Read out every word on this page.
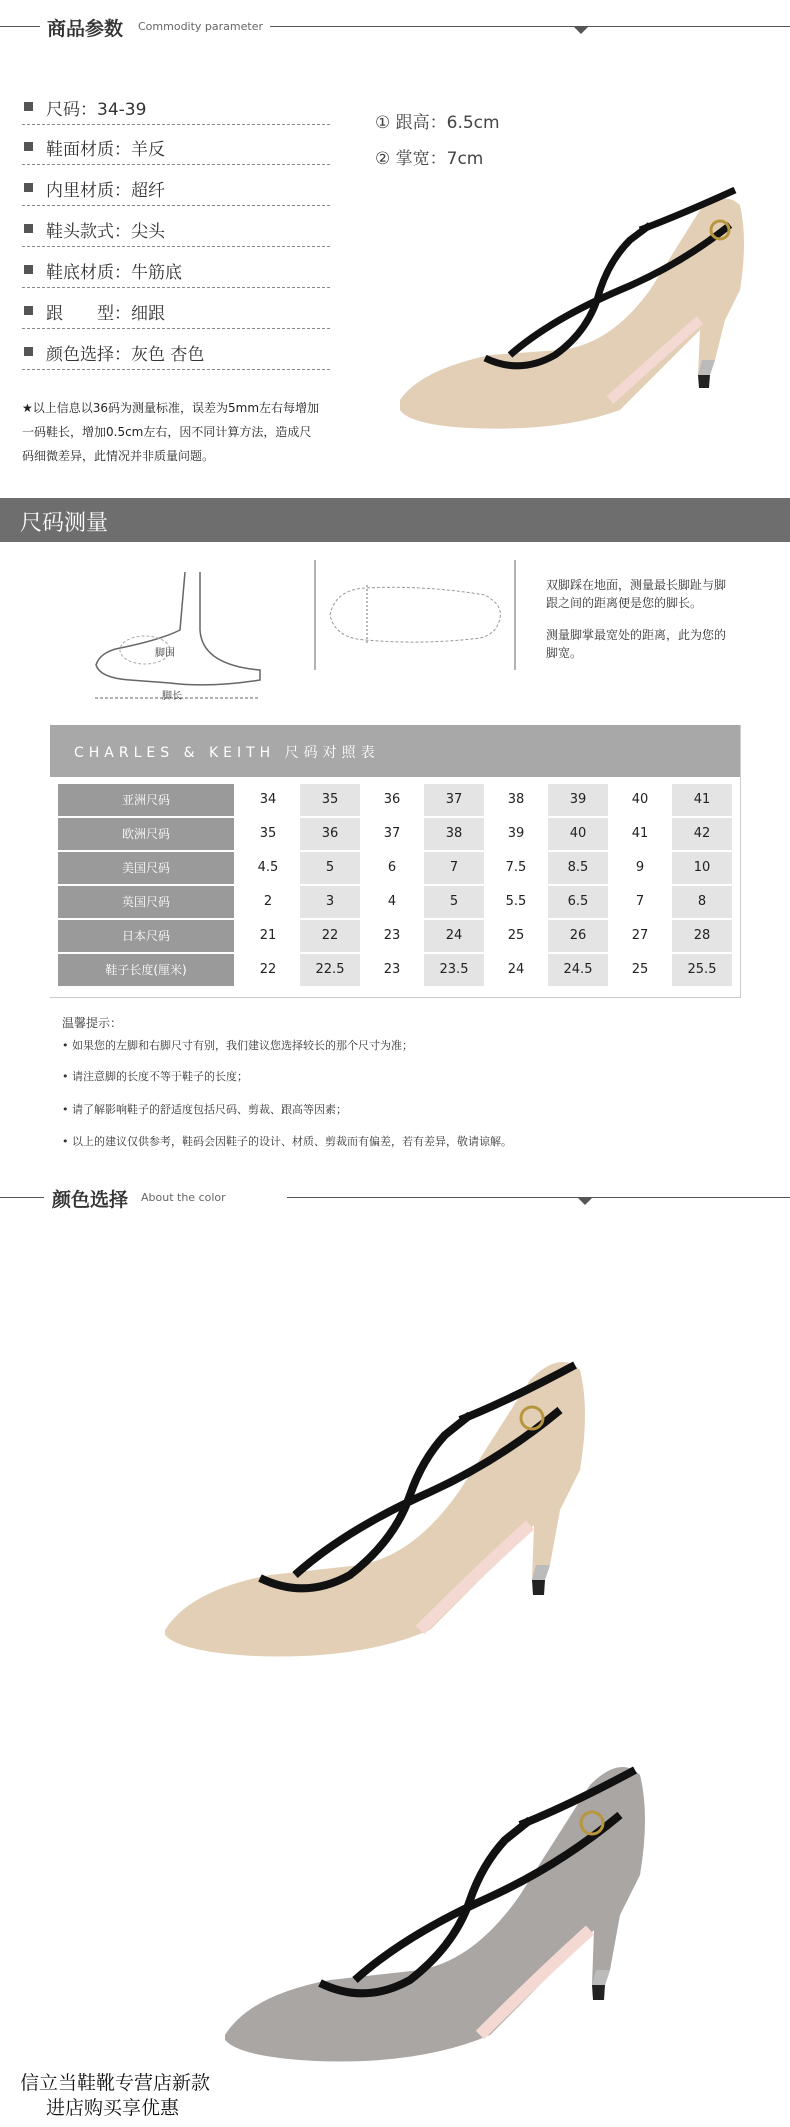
商品参数 Commodity parameter
尺码：34-39
鞋面材质：羊反
内里材质：超纤
鞋头款式：尖头
鞋底材质：牛筋底
跟　　型：细跟
颜色选择：灰色 杏色
① 跟高：6.5cm
② 掌宽：7cm
★以上信息以36码为测量标准，误差为5mm左右每增加
一码鞋长，增加0.5cm左右，因不同计算方法，造成尺
码细微差异，此情况并非质量问题。
尺码测量
脚围
脚长
双脚踩在地面，测量最长脚趾与脚
跟之间的距离便是您的脚长。
测量脚掌最宽处的距离，此为您的
脚宽。
CHARLES & KEITH 尺码对照表
亚洲尺码	34	35	36	37	38	39	40	41
欧洲尺码	35	36	37	38	39	40	41	42
美国尺码	4.5	5	6	7	7.5	8.5	9	10
英国尺码	2	3	4	5	5.5	6.5	7	8
日本尺码	21	22	23	24	25	26	27	28
鞋子长度(厘米)	22	22.5	23	23.5	24	24.5	25	25.5
温馨提示：
• 如果您的左脚和右脚尺寸有别，我们建议您选择较长的那个尺寸为准；
• 请注意脚的长度不等于鞋子的长度；
• 请了解影响鞋子的舒适度包括尺码、剪裁、跟高等因素；
• 以上的建议仅供参考，鞋码会因鞋子的设计、材质、剪裁而有偏差，若有差异，敬请谅解。
颜色选择 About the color
信立当鞋靴专营店新款
进店购买享优惠
